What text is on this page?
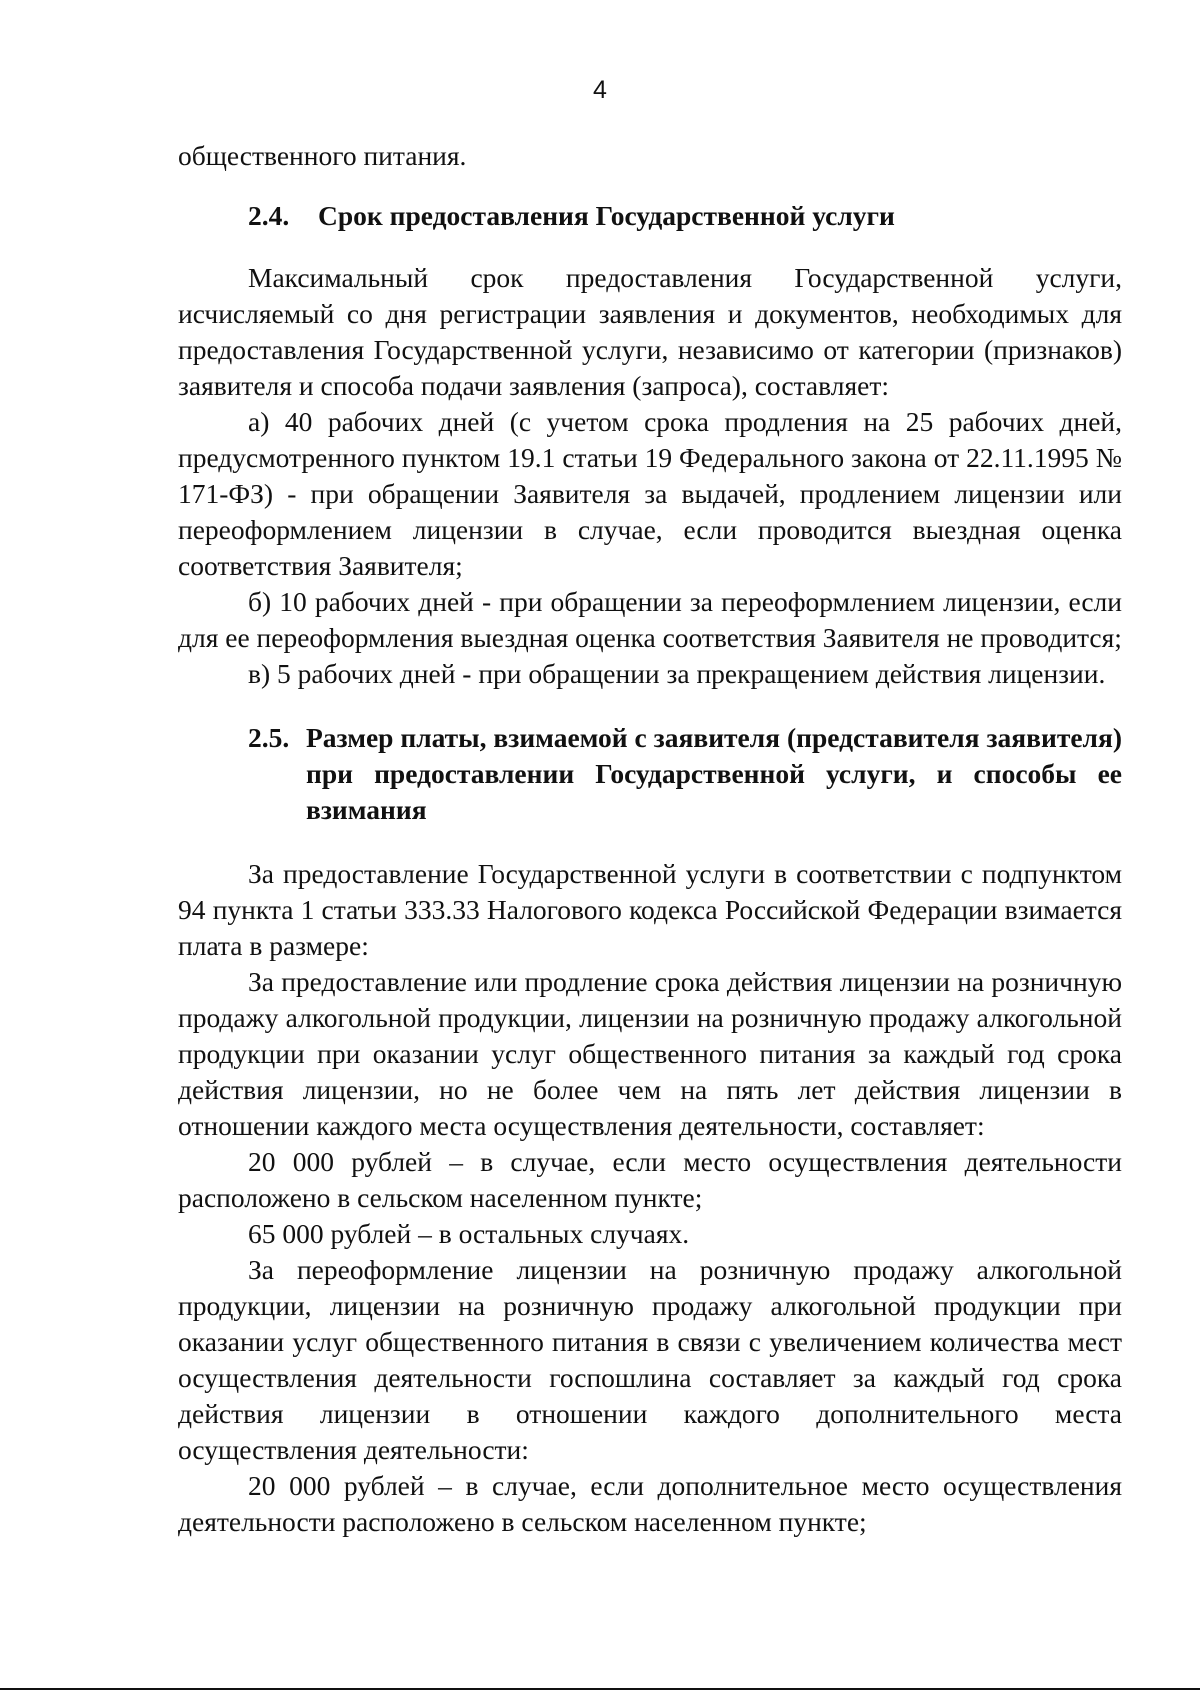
4

общественного питания.

2.4.	Срок предоставления Государственной услуги

Максимальный срок предоставления Государственной услуги, исчисляемый со дня регистрации заявления и документов, необходимых для предоставления Государственной услуги, независимо от категории (признаков) заявителя и способа подачи заявления (запроса), составляет:

а) 40 рабочих дней (с учетом срока продления на 25 рабочих дней, предусмотренного пунктом 19.1 статьи 19 Федерального закона от 22.11.1995 № 171-ФЗ) - при обращении Заявителя за выдачей, продлением лицензии или переоформлением лицензии в случае, если проводится выездная оценка соответствия Заявителя;

б) 10 рабочих дней - при обращении за переоформлением лицензии, если для ее переоформления выездная оценка соответствия Заявителя не проводится;

в) 5 рабочих дней - при обращении за прекращением действия лицензии.

2.5. Размер платы, взимаемой с заявителя (представителя заявителя) при предоставлении Государственной услуги, и способы ее взимания

За предоставление Государственной услуги в соответствии с подпунктом 94 пункта 1 статьи 333.33 Налогового кодекса Российской Федерации взимается плата в размере:

За предоставление или продление срока действия лицензии на розничную продажу алкогольной продукции, лицензии на розничную продажу алкогольной продукции при оказании услуг общественного питания за каждый год срока действия лицензии, но не более чем на пять лет действия лицензии в отношении каждого места осуществления деятельности, составляет:

20 000 рублей – в случае, если место осуществления деятельности расположено в сельском населенном пункте;

65 000 рублей – в остальных случаях.

За переоформление лицензии на розничную продажу алкогольной продукции, лицензии на розничную продажу алкогольной продукции при оказании услуг общественного питания в связи с увеличением количества мест осуществления деятельности госпошлина составляет за каждый год срока действия лицензии в отношении каждого дополнительного места осуществления деятельности:

20 000 рублей – в случае, если дополнительное место осуществления деятельности расположено в сельском населенном пункте;
